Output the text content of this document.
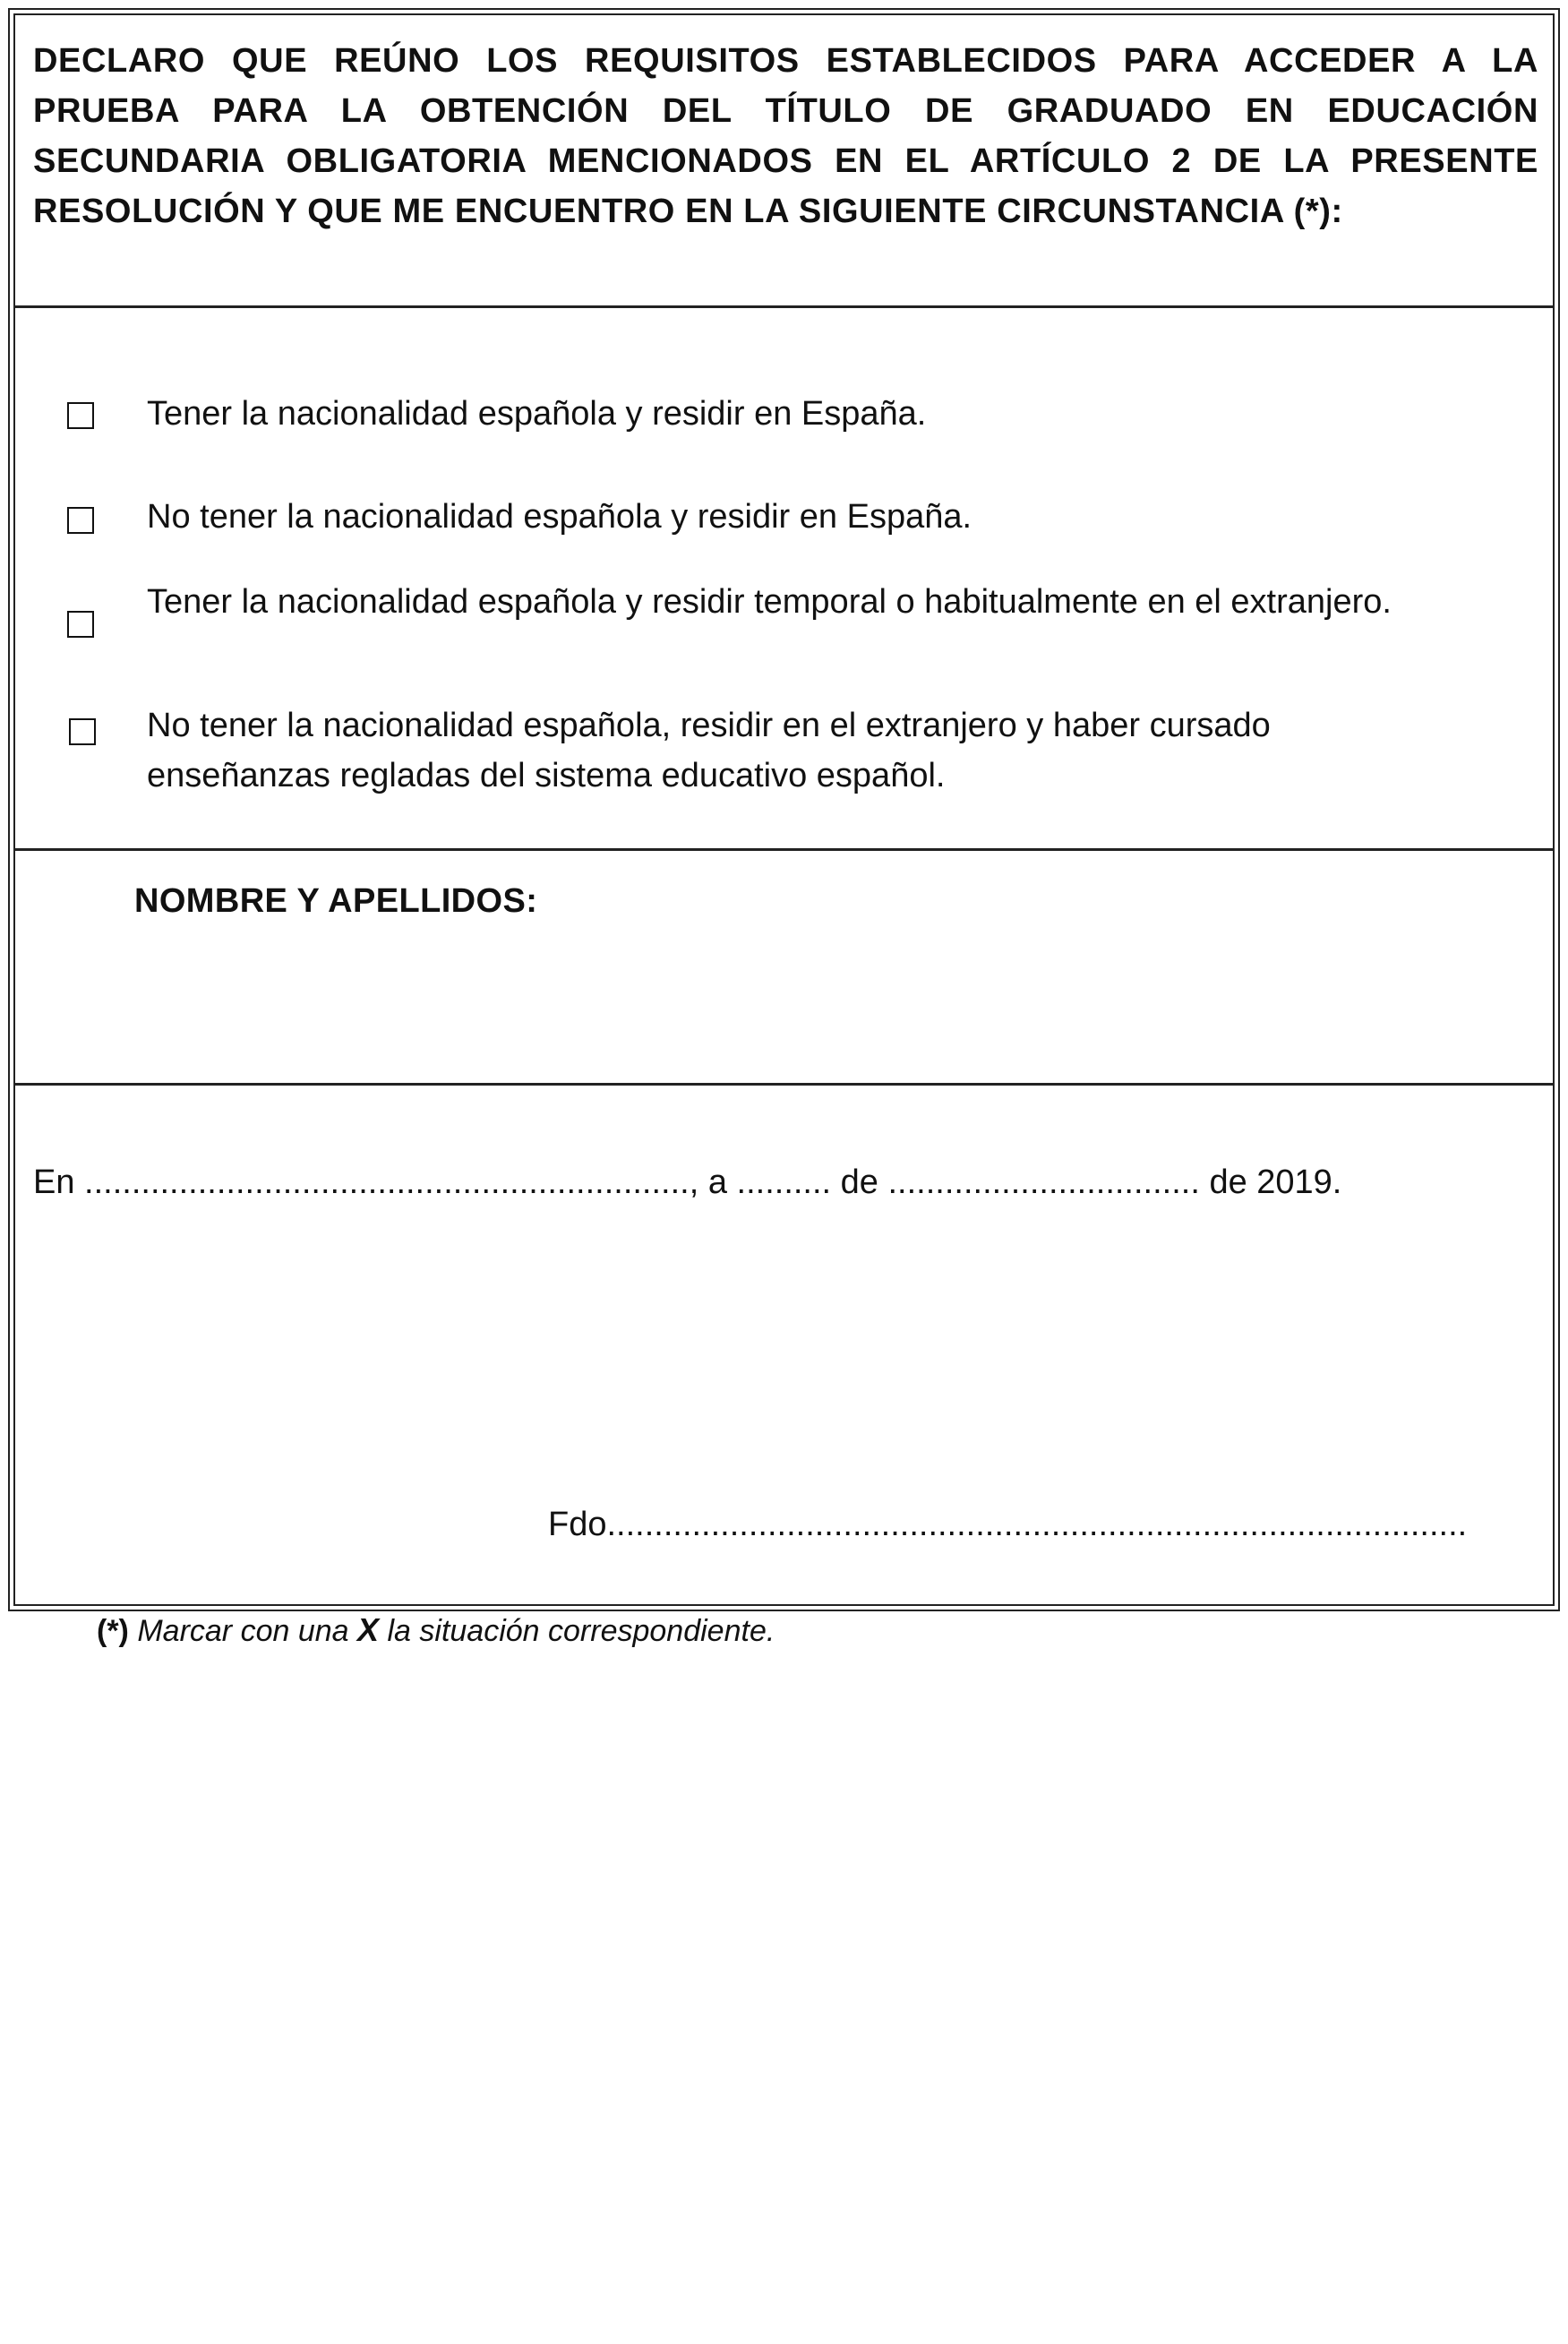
DECLARO QUE REÚNO LOS REQUISITOS ESTABLECIDOS PARA ACCEDER A LA PRUEBA PARA LA OBTENCIÓN DEL TÍTULO DE GRADUADO EN EDUCACIÓN SECUNDARIA OBLIGATORIA MENCIONADOS EN EL ARTÍCULO 2 DE LA PRESENTE RESOLUCIÓN Y QUE ME ENCUENTRO EN LA SIGUIENTE CIRCUNSTANCIA (*):

Tener la nacionalidad española y residir en España.

No tener la nacionalidad española y residir en España.

Tener la nacionalidad española y residir temporal o habitualmente en el extranjero.

No tener la nacionalidad española, residir en el extranjero y haber cursado enseñanzas regladas del sistema educativo español.

NOMBRE Y APELLIDOS:
En ................................................................, a .......... de ................................. de 2019.
Fdo...........................................................................................
(*) Marcar con una X la situación correspondiente.
